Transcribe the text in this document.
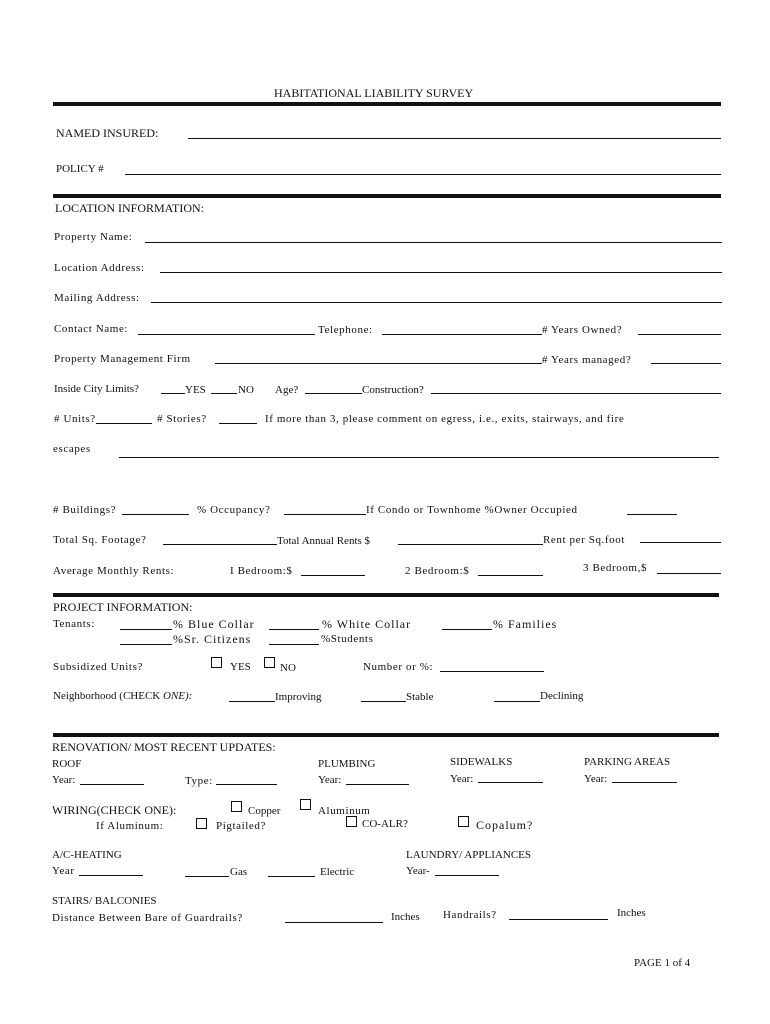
HABITATIONAL LIABILITY SURVEY
NAMED INSURED:
POLICY #
LOCATION INFORMATION:
Property Name:
Location Address:
Mailing Address:
Contact Name:	Telephone:	# Years Owned?
Property Management Firm	# Years managed?
Inside City Limits?	YES	NO Age?	Construction?
# Units?	# Stories?	If more than 3, please comment on egress, i.e., exits, stairways, and fire
escapes
# Buildings?	% Occupancy?	If Condo or Townhome %Owner Occupied
Total Sq. Footage?	Total Annual Rents $	Rent per Sq.foot
Average Monthly Rents:	I Bedroom:$	2 Bedroom:$	3 Bedroom,$
PROJECT INFORMATION:
Tenants:	% Blue Collar	% White Collar	% Families
%Sr. Citizens	%Students
Subsidized Units?	YES	NO	Number or %:
Neighborhood (CHECK ONE):	Improving	Stable	Declining
RENOVATION/ MOST RECENT UPDATES:
ROOF	PLUMBING	SIDEWALKS	PARKING AREAS
Year:	Type:	Year:	Year:	Year:
WIRING(CHECK ONE):	Copper	Aluminum
If Aluminum:	Pigtailed?	CO-ALR?	Copalum?
A/C-HEATING	LAUNDRY/ APPLIANCES
Year	Gas	Electric	Year-
STAIRS/ BALCONIES
Distance Between Bare of Guardrails?	Inches Handrails?	Inches
PAGE 1 of 4
